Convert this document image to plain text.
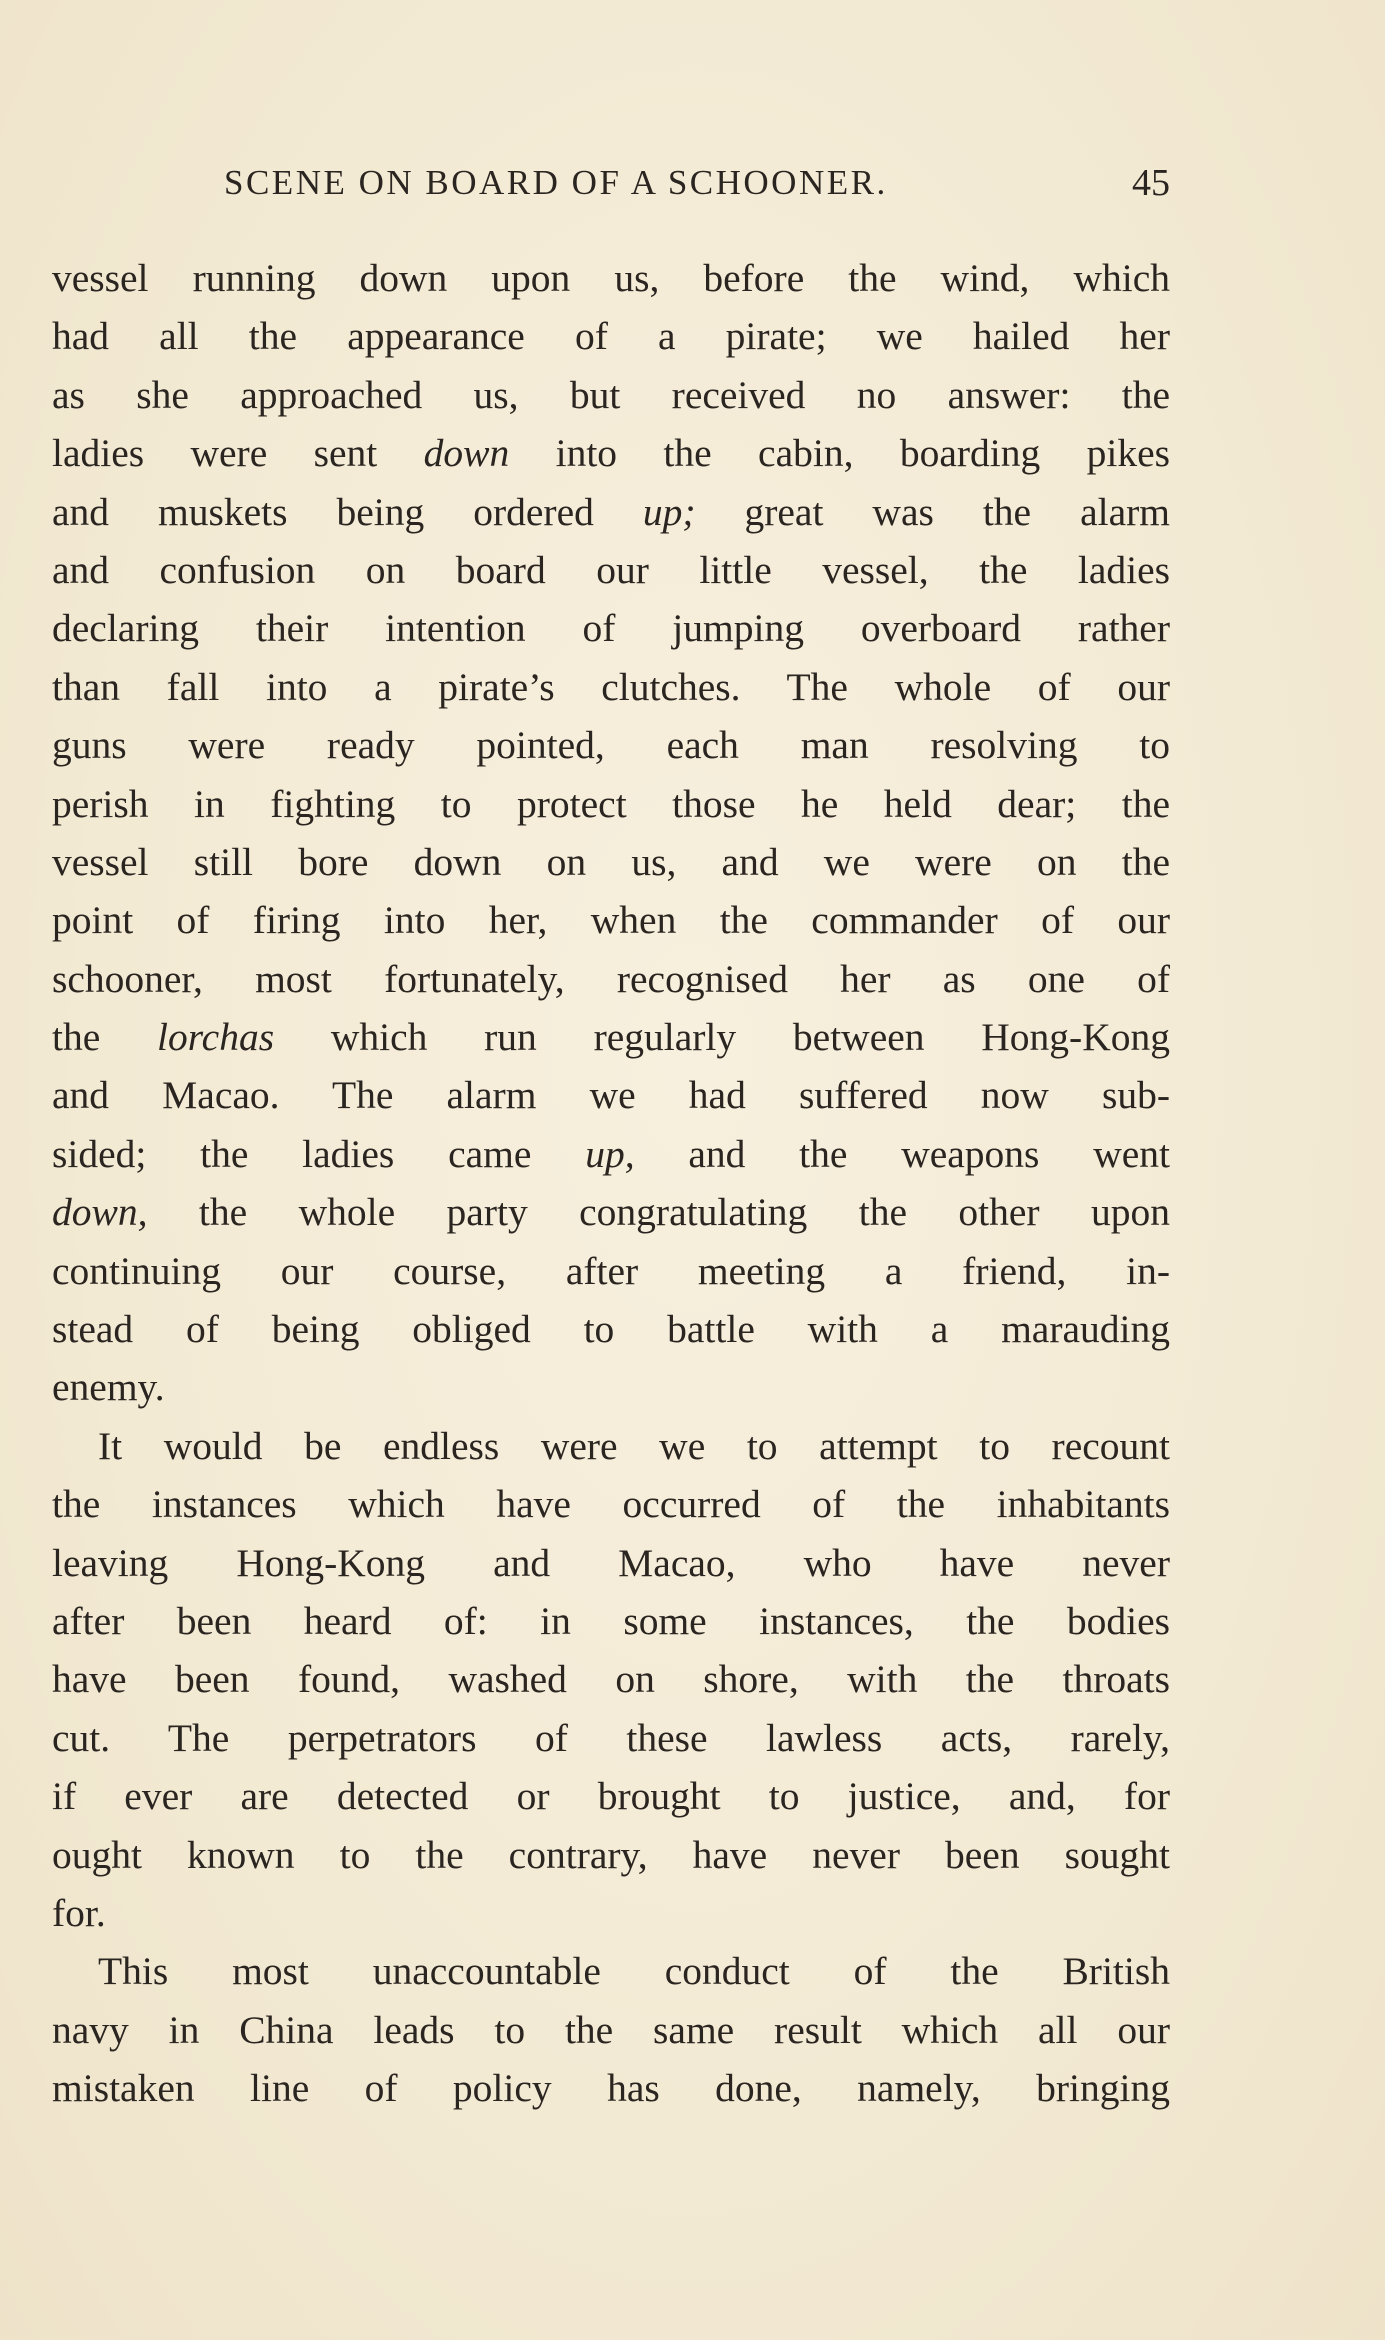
SCENE ON BOARD OF A SCHOONER.	45
vessel running down upon us, before the wind, which
had all the appearance of a pirate; we hailed her
as she approached us, but received no answer: the
ladies were sent down into the cabin, boarding pikes
and muskets being ordered up; great was the alarm
and confusion on board our little vessel, the ladies
declaring their intention of jumping overboard rather
than fall into a pirate’s clutches. The whole of our
guns were ready pointed, each man resolving to
perish in fighting to protect those he held dear; the
vessel still bore down on us, and we were on the
point of firing into her, when the commander of our
schooner, most fortunately, recognised her as one of
the lorchas which run regularly between Hong-Kong
and Macao. The alarm we had suffered now sub-
sided; the ladies came up, and the weapons went
down, the whole party congratulating the other upon
continuing our course, after meeting a friend, in-
stead of being obliged to battle with a marauding
enemy.
It would be endless were we to attempt to recount
the instances which have occurred of the inhabitants
leaving Hong-Kong and Macao, who have never
after been heard of: in some instances, the bodies
have been found, washed on shore, with the throats
cut. The perpetrators of these lawless acts, rarely,
if ever are detected or brought to justice, and, for
ought known to the contrary, have never been sought
for.
This most unaccountable conduct of the British
navy in China leads to the same result which all our
mistaken line of policy has done, namely, bringing
